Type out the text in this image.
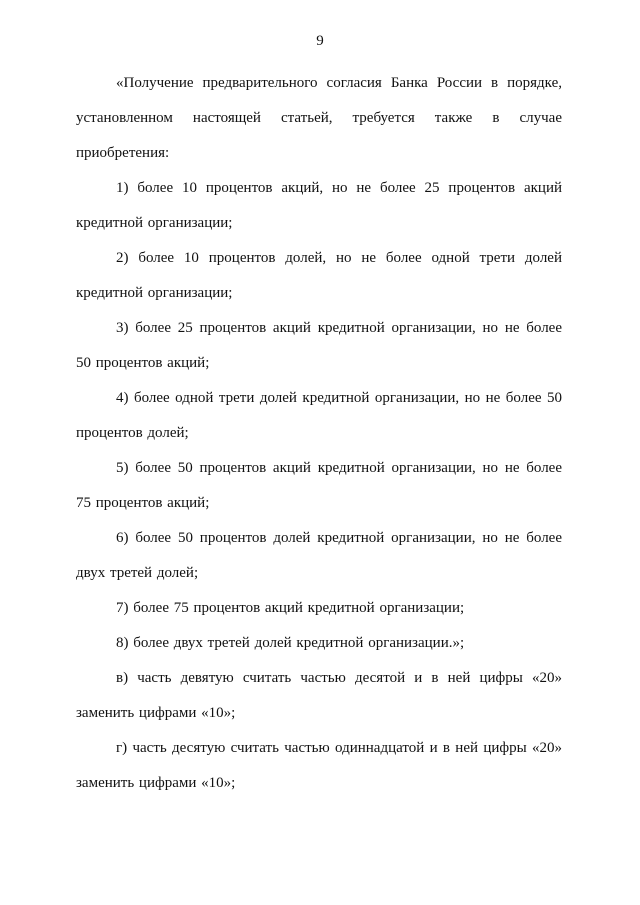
9

«Получение предварительного согласия Банка России в порядке, установленном настоящей статьей, требуется также в случае приобретения:

1) более 10 процентов акций, но не более 25 процентов акций кредитной организации;

2) более 10 процентов долей, но не более одной трети долей кредитной организации;

3) более 25 процентов акций кредитной организации, но не более 50 процентов акций;

4) более одной трети долей кредитной организации, но не более 50 процентов долей;

5) более 50 процентов акций кредитной организации, но не более 75 процентов акций;

6) более 50 процентов долей кредитной организации, но не более двух третей долей;

7) более 75 процентов акций кредитной организации;

8) более двух третей долей кредитной организации.»;

в) часть девятую считать частью десятой и в ней цифры «20» заменить цифрами «10»;

г) часть десятую считать частью одиннадцатой и в ней цифры «20» заменить цифрами «10»;
